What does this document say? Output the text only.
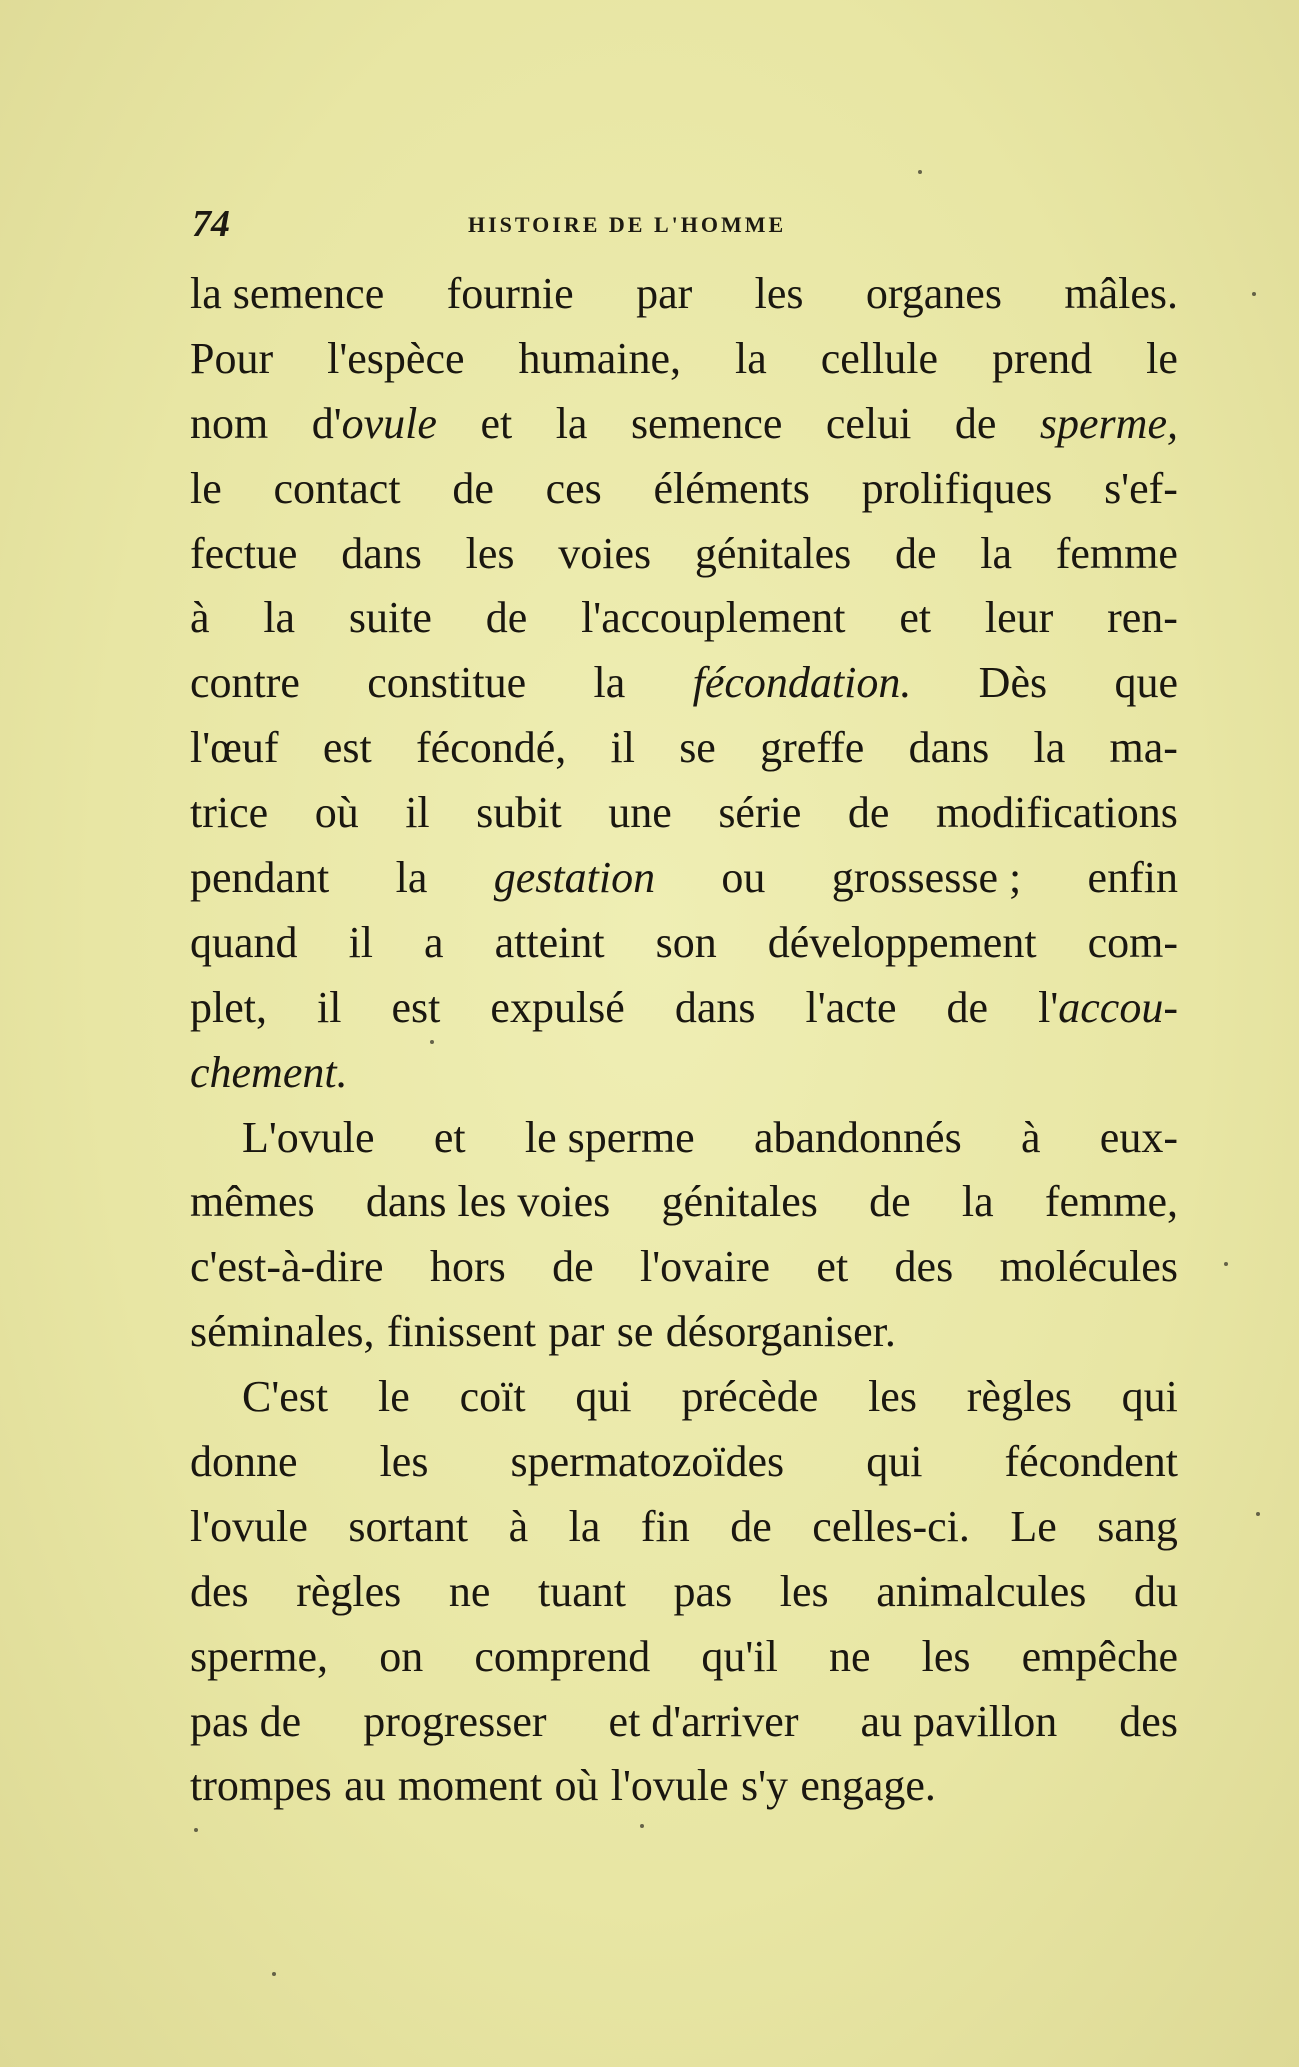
74	HISTOIRE DE L'HOMME
la semence fournie par les organes mâles.
Pour l'espèce humaine, la cellule prend le
nom d'ovule et la semence celui de sperme,
le contact de ces éléments prolifiques s'ef-
fectue dans les voies génitales de la femme
à la suite de l'accouplement et leur ren-
contre constitue la fécondation. Dès que
l'œuf est fécondé, il se greffe dans la ma-
trice où il subit une série de modifications
pendant la gestation ou grossesse ; enfin
quand il a atteint son développement com-
plet, il est expulsé dans l'acte de l'accou-
chement.
L'ovule et le sperme abandonnés à eux-
mêmes dans les voies génitales de la femme,
c'est-à-dire hors de l'ovaire et des molécules
séminales, finissent par se désorganiser.
C'est le coït qui précède les règles qui
donne les spermatozoïdes qui fécondent
l'ovule sortant à la fin de celles-ci. Le sang
des règles ne tuant pas les animalcules du
sperme, on comprend qu'il ne les empêche
pas de progresser et d'arriver au pavillon des
trompes au moment où l'ovule s'y engage.
